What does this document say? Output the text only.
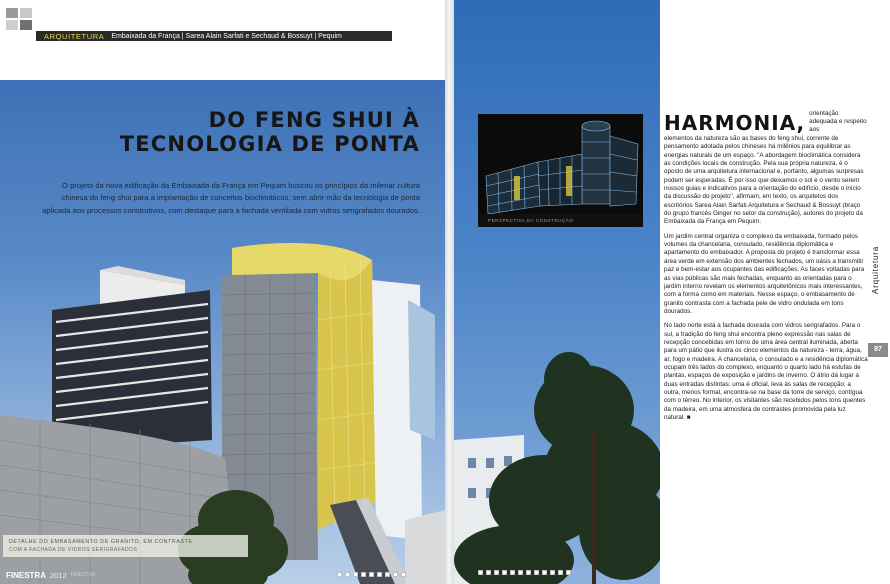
ARQUITETURA Embaixada da França | Sarea Alain Sarfati e Sechaud & Bossuyt | Pequim
DO FENG SHUI À
TECNOLOGIA DE PONTA

O projeto da nova edificação da Embaixada da França em Pequim buscou os princípios da milenar cultura chinesa do feng shui para a implantação de conceitos bioclimáticos, sem abrir mão da tecnologia de ponta aplicada aos processos construtivos, com destaque para a fachada ventilada com vidros serigrafados dourados.

DETALHE DO EMBASAMENTO DE GRANITO, EM CONTRASTE
COM A FACHADA DE VIDROS SERIGRAFADOS
FINESTRA 2012 FINESTRA
PERSPECTIVA DA CONSTRUÇÃO
HARMONIA, orientação adequada e respeito aos

elementos da natureza são as bases do feng shui, corrente de pensamento adotada pelos chineses há milênios para equilibrar as energias naturais de um espaço. "A abordagem bioclimática considera as condições locais de construção. Pela sua própria natureza, é o oposto de uma arquitetura internacional e, portanto, algumas surpresas podem ser esperadas. É por isso que deixamos o sol e o vento serem nossos guias e indicativos para a orientação do edifício, desde o início da discussão do projeto", afirmam, em texto, os arquitetos dos escritórios Sarea Alain Sarfati Arquitetura e Sechaud & Bossuyt (braço do grupo francês Ginger no setor da construção), autores do projeto da Embaixada da França em Pequim.

Um jardim central organiza o complexo da embaixada, formado pelos volumes da chancelaria, consulado, residência diplomática e apartamento do embaixador. A proposta do projeto é transformar essa área verde em extensão dos ambientes fechados, um oásis a transmitir paz e bem-estar aos ocupantes das edificações. As faces voltadas para as vias públicas são mais fechadas, enquanto as orientadas para o jardim interno revelam os elementos arquitetônicos mais interessantes, com a forma como em materiais. Nesse espaço, o embasamento de granito contrasta com a fachada pele de vidro ondulada em tons dourados.

No lado norte está a fachada dourada com vidros serigrafados. Para o sul, a tradição do feng shui encontra pleno expressão nas salas de recepção concebidas em torno de uma área central iluminada, aberta para um pátio que ilustra os cinco elementos da natureza - terra, água, ar, fogo e madeira. A chancelaria, o consulado e a residência diplomática ocupam três lados do complexo, enquanto o quarto lado há estufas de plantas, espaços de exposição e jardins de inverno. O átrio dá lugar a duas entradas distintas: uma é oficial, leva às salas de recepção; a outra, menos formal, encontra-se na base da torre de serviço, contígua com o térreo. No interior, os visitantes são recebidos pelos tons quentes da madeira, em uma atmosfera de contrastes promovida pela luz natural. ■

Arquitetura
87
